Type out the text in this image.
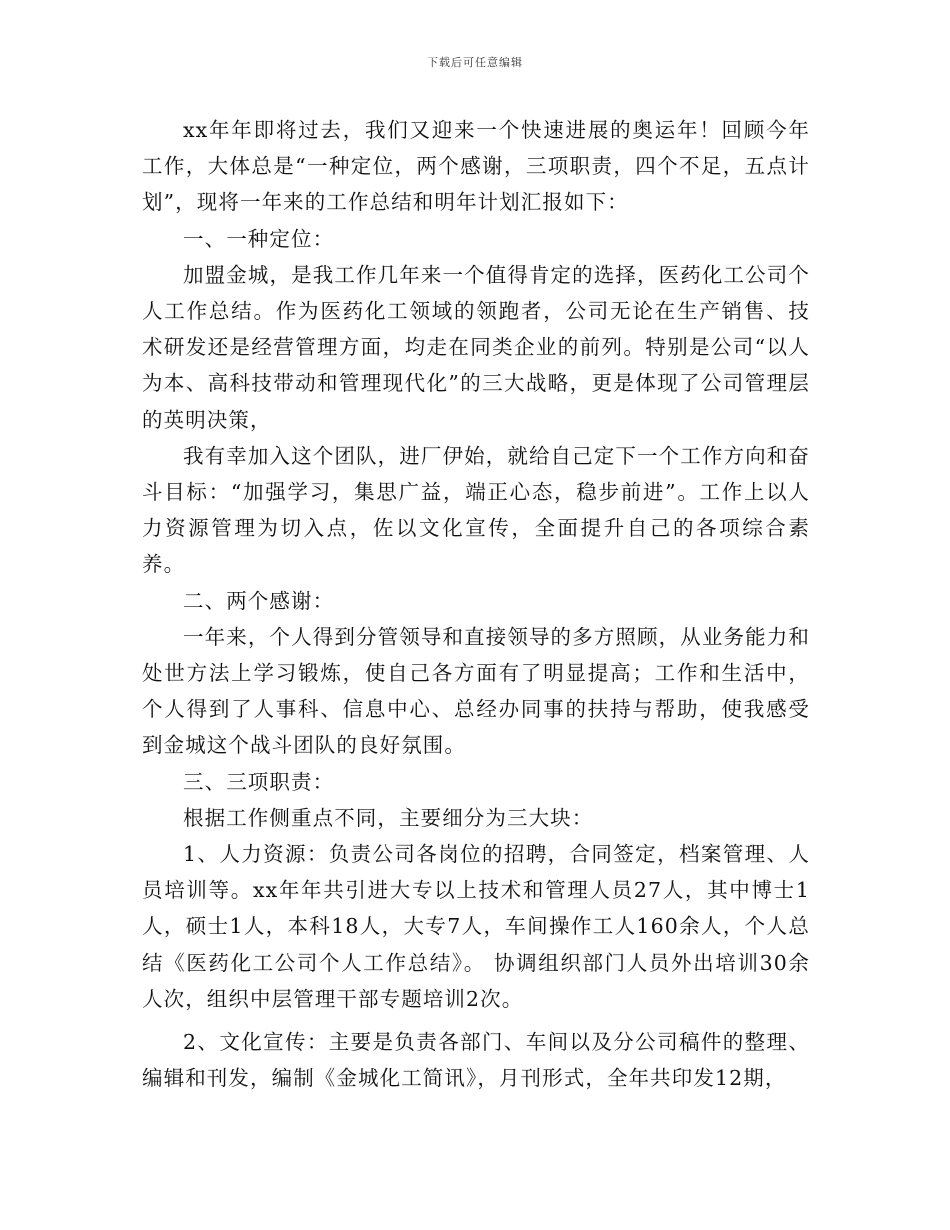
下载后可任意编辑

xx年年即将过去，我们又迎来一个快速进展的奥运年！回顾今年工作，大体总是“一种定位，两个感谢，三项职责，四个不足，五点计划”，现将一年来的工作总结和明年计划汇报如下：

一、一种定位：

加盟金城，是我工作几年来一个值得肯定的选择，医药化工公司个人工作总结。作为医药化工领域的领跑者，公司无论在生产销售、技术研发还是经营管理方面，均走在同类企业的前列。特别是公司“以人为本、高科技带动和管理现代化”的三大战略，更是体现了公司管理层的英明决策，

我有幸加入这个团队，进厂伊始，就给自己定下一个工作方向和奋斗目标：“加强学习，集思广益，端正心态，稳步前进”。工作上以人力资源管理为切入点，佐以文化宣传，全面提升自己的各项综合素养。

二、两个感谢：

一年来，个人得到分管领导和直接领导的多方照顾，从业务能力和处世方法上学习锻炼，使自己各方面有了明显提高；工作和生活中，个人得到了人事科、信息中心、总经办同事的扶持与帮助，使我感受到金城这个战斗团队的良好氛围。

三、三项职责：

根据工作侧重点不同，主要细分为三大块：

1、人力资源：负责公司各岗位的招聘，合同签定，档案管理、人员培训等。xx年年共引进大专以上技术和管理人员27人，其中博士1人，硕士1人，本科18人，大专7人，车间操作工人160余人，个人总结《医药化工公司个人工作总结》。 协调组织部门人员外出培训30余人次，组织中层管理干部专题培训2次。

2、文化宣传：主要是负责各部门、车间以及分公司稿件的整理、编辑和刊发，编制《金城化工简讯》，月刊形式，全年共印发12期，
